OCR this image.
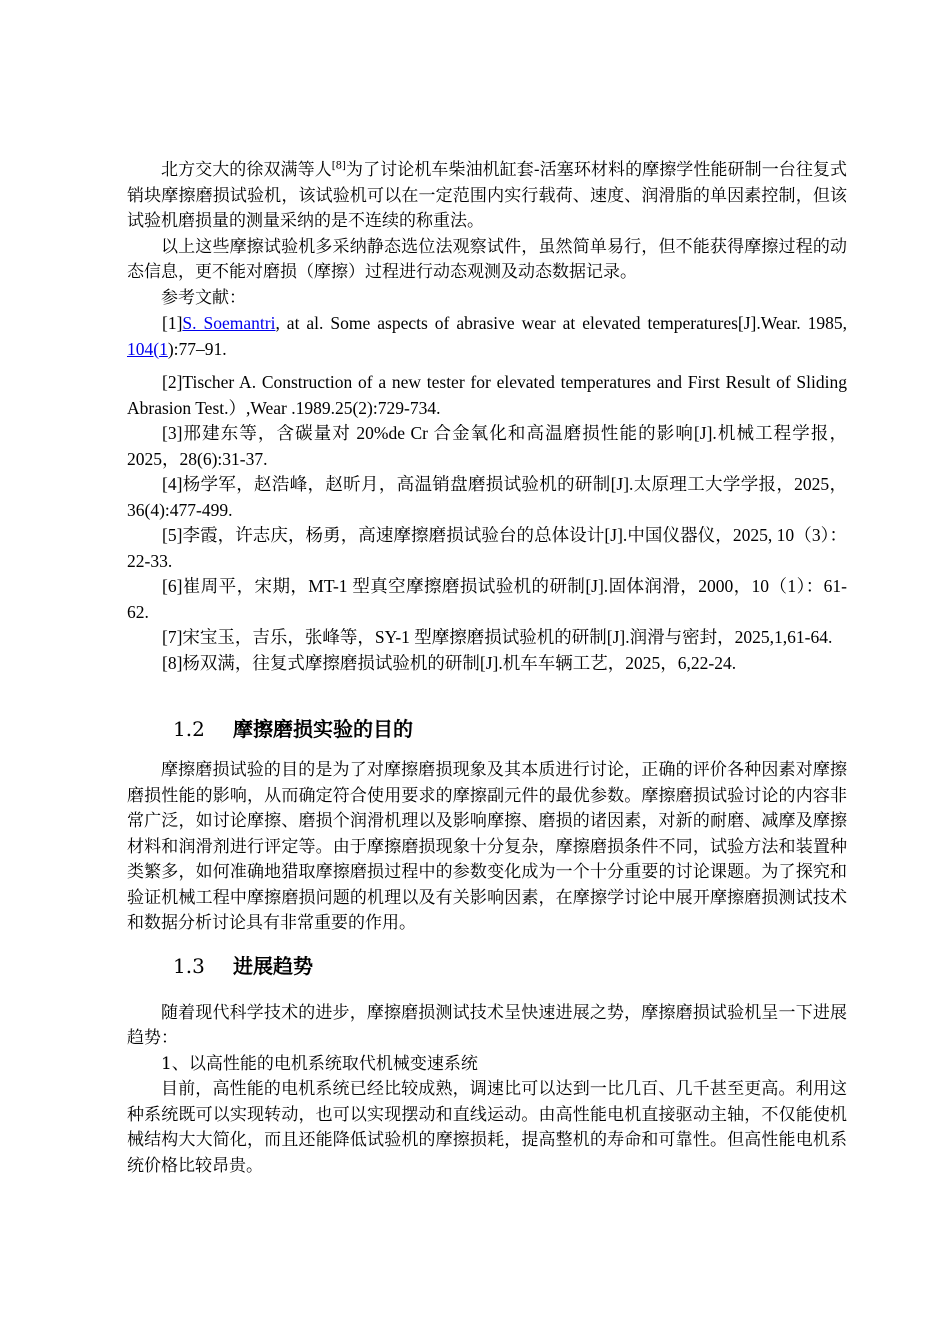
北方交大的徐双满等人[8]为了讨论机车柴油机缸套-活塞环材料的摩擦学性能研制一台往复式销块摩擦磨损试验机，该试验机可以在一定范围内实行载荷、速度、润滑脂的单因素控制，但该试验机磨损量的测量采纳的是不连续的称重法。

以上这些摩擦试验机多采纳静态选位法观察试件，虽然简单易行，但不能获得摩擦过程的动态信息，更不能对磨损（摩擦）过程进行动态观测及动态数据记录。

参考文献：

[1]S. Soemantri, at al. Some aspects of abrasive wear at elevated temperatures[J].Wear. 1985, 104(1):77–91.

[2]Tischer A. Construction of a new tester for elevated temperatures and First Result of Sliding Abrasion Test.）,Wear .1989.25(2):729-734.

[3]邢建东等，含碳量对 20%de Cr 合金氧化和高温磨损性能的影响[J].机械工程学报，2025，28(6):31-37.

[4]杨学军，赵浩峰，赵昕月，高温销盘磨损试验机的研制[J].太原理工大学学报，2025，36(4):477-499.

[5]李霞，许志庆，杨勇，高速摩擦磨损试验台的总体设计[J].中国仪器仪，2025, 10（3）：22-33.

[6]崔周平，宋期，MT-1 型真空摩擦磨损试验机的研制[J].固体润滑，2000，10（1）：61-62.

[7]宋宝玉，吉乐，张峰等，SY-1 型摩擦磨损试验机的研制[J].润滑与密封，2025,1,61-64.

[8]杨双满，往复式摩擦磨损试验机的研制[J].机车车辆工艺，2025，6,22-24.

1.2 摩擦磨损实验的目的

摩擦磨损试验的目的是为了对摩擦磨损现象及其本质进行讨论，正确的评价各种因素对摩擦磨损性能的影响，从而确定符合使用要求的摩擦副元件的最优参数。摩擦磨损试验讨论的内容非常广泛，如讨论摩擦、磨损个润滑机理以及影响摩擦、磨损的诸因素，对新的耐磨、减摩及摩擦材料和润滑剂进行评定等。由于摩擦磨损现象十分复杂，摩擦磨损条件不同，试验方法和装置种类繁多，如何准确地猎取摩擦磨损过程中的参数变化成为一个十分重要的讨论课题。为了探究和验证机械工程中摩擦磨损问题的机理以及有关影响因素，在摩擦学讨论中展开摩擦磨损测试技术和数据分析讨论具有非常重要的作用。

1.3 进展趋势

随着现代科学技术的进步，摩擦磨损测试技术呈快速进展之势，摩擦磨损试验机呈一下进展趋势：

1、以高性能的电机系统取代机械变速系统

目前，高性能的电机系统已经比较成熟，调速比可以达到一比几百、几千甚至更高。利用这种系统既可以实现转动，也可以实现摆动和直线运动。由高性能电机直接驱动主轴，不仅能使机械结构大大简化，而且还能降低试验机的摩擦损耗，提高整机的寿命和可靠性。但高性能电机系统价格比较昂贵。
